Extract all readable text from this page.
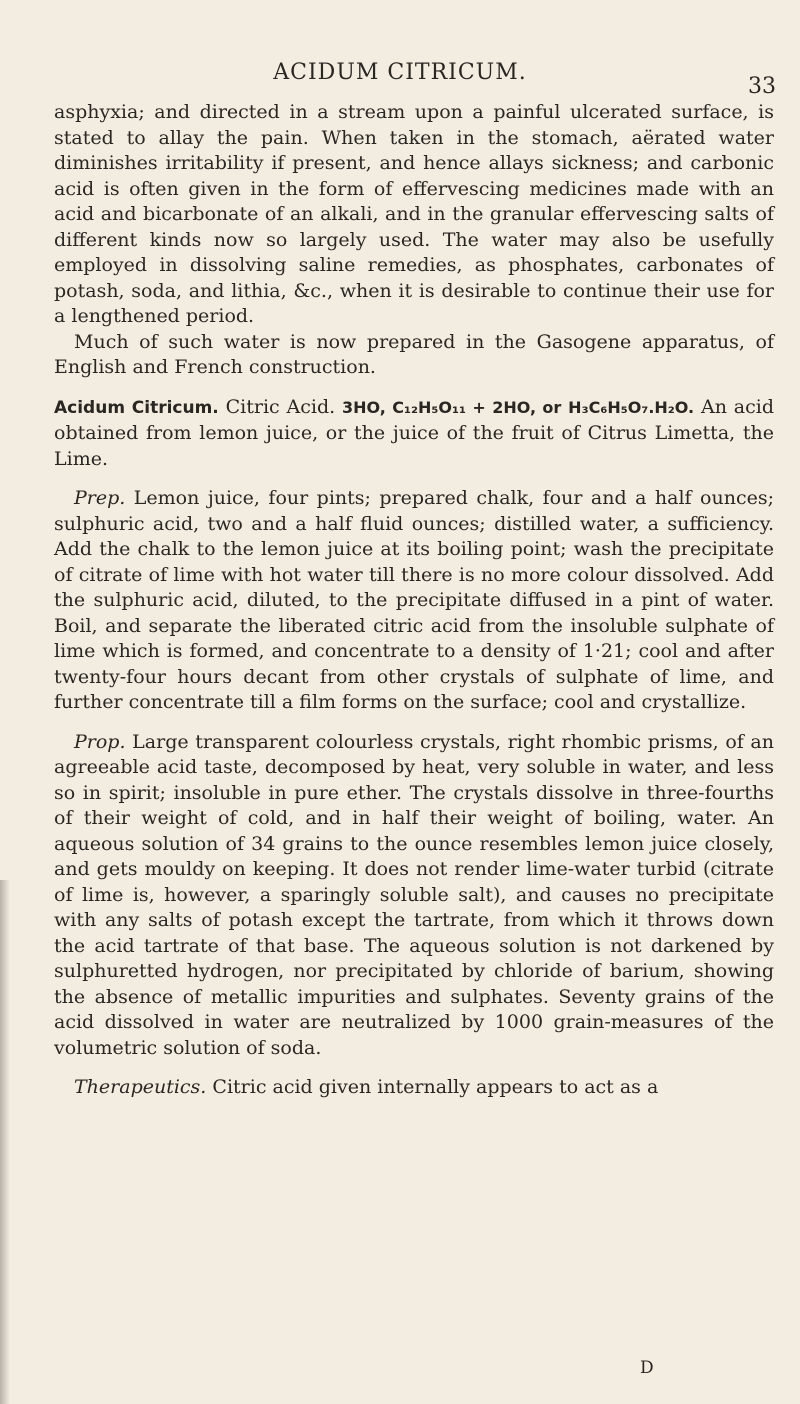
ACIDUM CITRICUM.
33

asphyxia; and directed in a stream upon a painful ulcerated surface, is stated to allay the pain. When taken in the stomach, aërated water diminishes irritability if present, and hence allays sickness; and carbonic acid is often given in the form of effervescing medicines made with an acid and bicarbonate of an alkali, and in the granular effervescing salts of different kinds now so largely used. The water may also be usefully employed in dissolving saline remedies, as phosphates, carbonates of potash, soda, and lithia, &c., when it is desirable to continue their use for a lengthened period.

Much of such water is now prepared in the Gasogene apparatus, of English and French construction.

Acidum Citricum. Citric Acid. 3HO, C₁₂H₅O₁₁ + 2HO, or H₃C₆H₅O₇.H₂O. An acid obtained from lemon juice, or the juice of the fruit of Citrus Limetta, the Lime.

Prep. Lemon juice, four pints; prepared chalk, four and a half ounces; sulphuric acid, two and a half fluid ounces; distilled water, a sufficiency. Add the chalk to the lemon juice at its boiling point; wash the precipitate of citrate of lime with hot water till there is no more colour dissolved. Add the sulphuric acid, diluted, to the precipitate diffused in a pint of water. Boil, and separate the liberated citric acid from the insoluble sulphate of lime which is formed, and concentrate to a density of 1·21; cool and after twenty-four hours decant from other crystals of sulphate of lime, and further concentrate till a film forms on the surface; cool and crystallize.

Prop. Large transparent colourless crystals, right rhombic prisms, of an agreeable acid taste, decomposed by heat, very soluble in water, and less so in spirit; insoluble in pure ether. The crystals dissolve in three-fourths of their weight of cold, and in half their weight of boiling, water. An aqueous solution of 34 grains to the ounce resembles lemon juice closely, and gets mouldy on keeping. It does not render lime-water turbid (citrate of lime is, however, a sparingly soluble salt), and causes no precipitate with any salts of potash except the tartrate, from which it throws down the acid tartrate of that base. The aqueous solution is not darkened by sulphuretted hydrogen, nor precipitated by chloride of barium, showing the absence of metallic impurities and sulphates. Seventy grains of the acid dissolved in water are neutralized by 1000 grain-measures of the volumetric solution of soda.

Therapeutics. Citric acid given internally appears to act as a

D
